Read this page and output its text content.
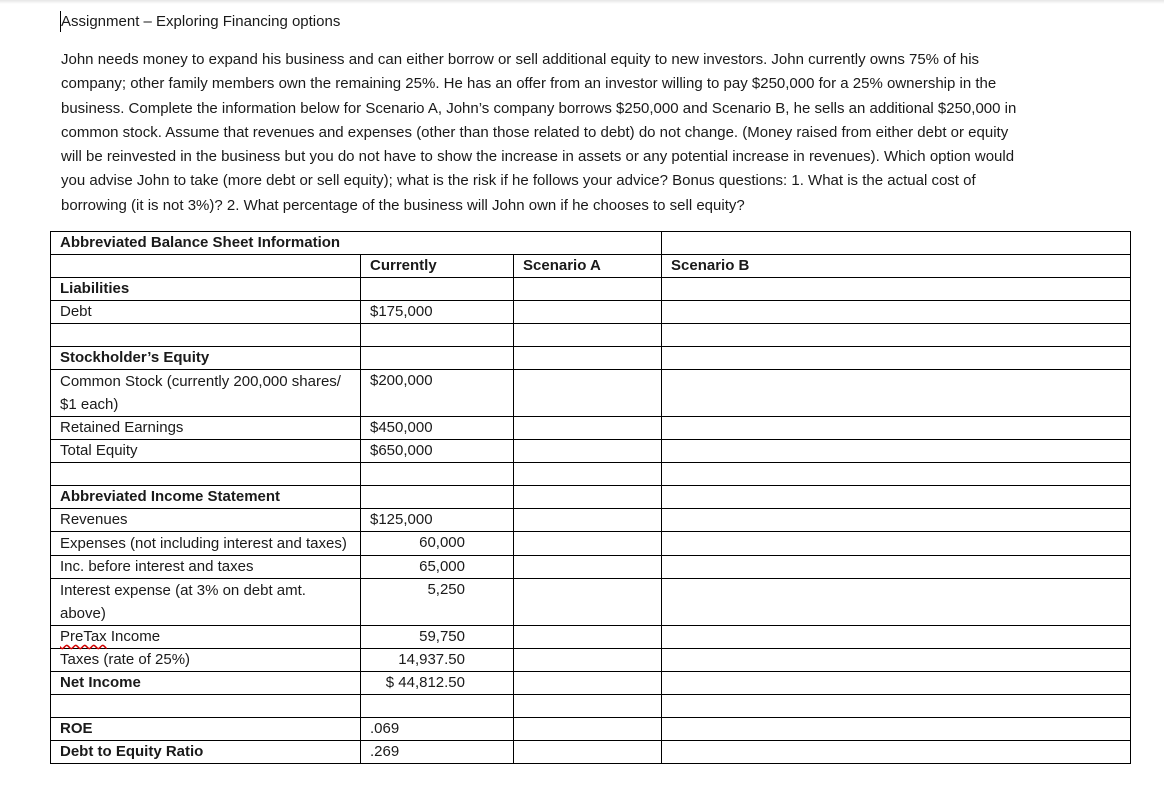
Assignment – Exploring Financing options
John needs money to expand his business and can either borrow or sell additional equity to new investors. John currently owns 75% of his
company; other family members own the remaining 25%. He has an offer from an investor willing to pay $250,000 for a 25% ownership in the
business. Complete the information below for Scenario A, John’s company borrows $250,000 and Scenario B, he sells an additional $250,000 in
common stock. Assume that revenues and expenses (other than those related to debt) do not change. (Money raised from either debt or equity
will be reinvested in the business but you do not have to show the increase in assets or any potential increase in revenues). Which option would
you advise John to take (more debt or sell equity); what is the risk if he follows your advice? Bonus questions: 1. What is the actual cost of
borrowing (it is not 3%)? 2. What percentage of the business will John own if he chooses to sell equity?
Abbreviated Balance Sheet Information			
	Currently	Scenario A	Scenario B
Liabilities			
Debt	$175,000		

Stockholder’s Equity			
Common Stock (currently 200,000 shares/ $1 each)	$200,000		
Retained Earnings	$450,000		
Total Equity	$650,000		

Abbreviated Income Statement			
Revenues	$125,000		
Expenses (not including interest and taxes)	60,000		
Inc. before interest and taxes	65,000		
Interest expense (at 3% on debt amt. above)	5,250		
PreTax Income	59,750		
Taxes (rate of 25%)	14,937.50		
Net Income	$ 44,812.50		

ROE	.069		
Debt to Equity Ratio	.269		
